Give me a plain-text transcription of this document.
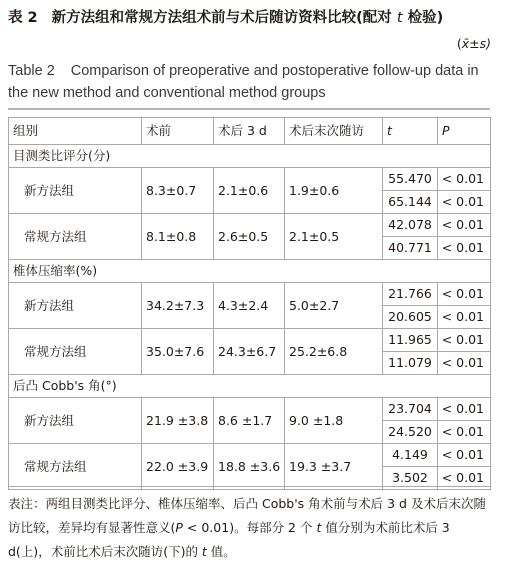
表 2 新方法组和常规方法组术前与术后随访资料比较(配对 t 检验)
(x̄±s)
Table 2 Comparison of preoperative and postoperative follow-up data in the new method and conventional method groups
组别	术前	术后 3 d	术后末次随访	t	P
目测类比评分(分)					
新方法组	8.3±0.7	2.1±0.6	1.9±0.6	55.470	< 0.01
				65.144	< 0.01
常规方法组	8.1±0.8	2.6±0.5	2.1±0.5	42.078	< 0.01
				40.771	< 0.01
椎体压缩率(%)					
新方法组	34.2±7.3	4.3±2.4	5.0±2.7	21.766	< 0.01
				20.605	< 0.01
常规方法组	35.0±7.6	24.3±6.7	25.2±6.8	11.965	< 0.01
				11.079	< 0.01
后凸 Cobb's 角(°)					
新方法组	21.9 ±3.8	8.6 ±1.7	9.0 ±1.8	23.704	< 0.01
				24.520	< 0.01
常规方法组	22.0 ±3.9	18.8 ±3.6	19.3 ±3.7	4.149	< 0.01
				3.502	< 0.01
表注：两组目测类比评分、椎体压缩率、后凸 Cobb's 角术前与术后 3 d 及术后末次随访比较，差异均有显著性意义(P < 0.01)。每部分 2 个 t 值分别为术前比术后 3 d(上)，术前比术后末次随访(下)的 t 值。
